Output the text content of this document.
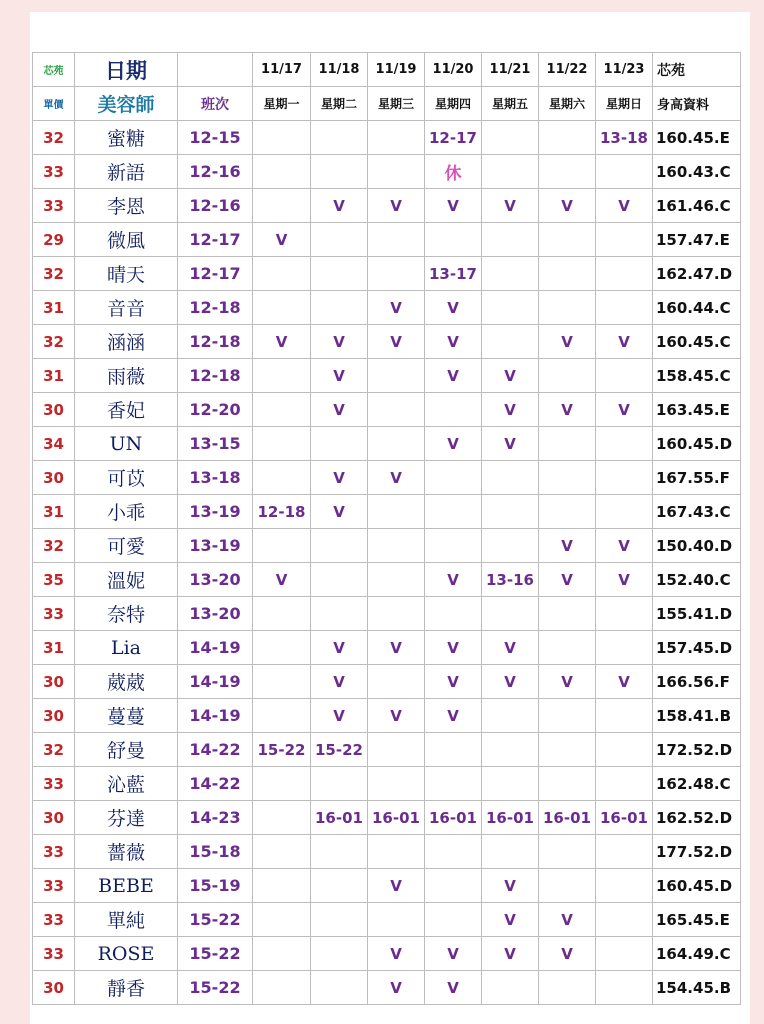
芯苑	日期		11/17	11/18	11/19	11/20	11/21	11/22	11/23	芯苑
單價	美容師	班次	星期一	星期二	星期三	星期四	星期五	星期六	星期日	身高資料
32	蜜糖	12-15				12-17			13-18	160.45.E
33	新語	12-16				休				160.43.C
33	李恩	12-16		V	V	V	V	V	V	161.46.C
29	微風	12-17	V							157.47.E
32	晴天	12-17				13-17				162.47.D
31	音音	12-18			V	V				160.44.C
32	涵涵	12-18	V	V	V	V		V	V	160.45.C
31	雨薇	12-18		V		V	V			158.45.C
30	香妃	12-20		V			V	V	V	163.45.E
34	UN	13-15				V	V			160.45.D
30	可苡	13-18		V	V					167.55.F
31	小乖	13-19	12-18	V						167.43.C
32	可愛	13-19						V	V	150.40.D
35	溫妮	13-20	V			V	13-16	V	V	152.40.C
33	奈特	13-20								155.41.D
31	Lia	14-19		V	V	V	V			157.45.D
30	葳葳	14-19		V		V	V	V	V	166.56.F
30	蔓蔓	14-19		V	V	V				158.41.B
32	舒曼	14-22	15-22	15-22						172.52.D
33	沁藍	14-22								162.48.C
30	芬達	14-23		16-01	16-01	16-01	16-01	16-01	16-01	162.52.D
33	薔薇	15-18								177.52.D
33	BEBE	15-19			V		V			160.45.D
33	單純	15-22					V	V		165.45.E
33	ROSE	15-22			V	V	V	V		164.49.C
30	靜香	15-22			V	V				154.45.B
